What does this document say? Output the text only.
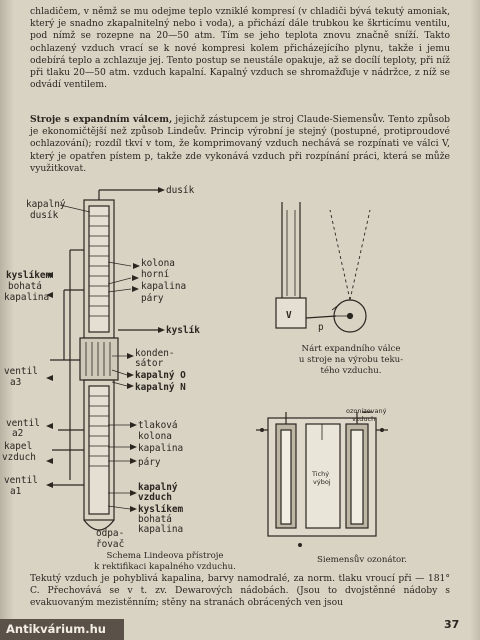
chladičem, v němž se mu odejme teplo vzniklé kompresí (v chladiči bývá tekutý amoniak, který je snadno zkapalnitelný nebo i voda), a přichází dále trubkou ke škrticímu ventilu, pod nímž se rozepne na 20—50 atm. Tím se jeho teplota znovu značně sníží. Takto ochlazený vzduch vrací se k nové kompresi kolem přicházejícího plynu, takže i jemu odebírá teplo a zchlazuje jej. Tento postup se neustále opakuje, až se docílí teploty, při níž při tlaku 20—50 atm. vzduch kapalní. Kapalný vzduch se shromažďuje v nádržce, z níž se odvádí ventilem.
Stroje s expandním válcem, jejichž zástupcem je stroj Claude-Siemensův. Tento způsob je ekonomičtější než způsob Lindeův. Princip výrobní je stejný (postupné, protiproudové ochlazování); rozdíl tkví v tom, že komprimovaný vzduch nechává se rozpínati ve válci V, který je opatřen pístem p, takže zde vykonává vzduch při rozpínání práci, která se může využitkovat.
dusík
kapalný
dusík
kolona
horní
kapalina
páry
kyslíkem
bohatá
kapalina
kyslík
konden-
sátor
kapalný O
kapalný N
ventil
a3
ventil
a2
kapel
vzduch
ventil
a1
tlaková
kolona
kapalina
páry
kapalný
vzduch
kyslíkem
bohatá
kapalina
odpa-
řovač
V
p
ozonizovaný
vzduch
Tichý
výboj
Schema Lindeova přístroje
k rektifikaci kapalného vzduchu.
Nárt expandního válce
u stroje na výrobu teku-
tého vzduchu.
Siemensův ozonátor.
Tekutý vzduch je pohyblivá kapalina, barvy namodralé, za norm. tlaku vroucí při — 181° C. Přechovává se v t. zv. Dewarových nádobách. (Jsou to dvojstěnné nádoby s evakuovaným mezistěnním; stěny na stranách obrácených ven jsou
37
Antikvárium.hu
